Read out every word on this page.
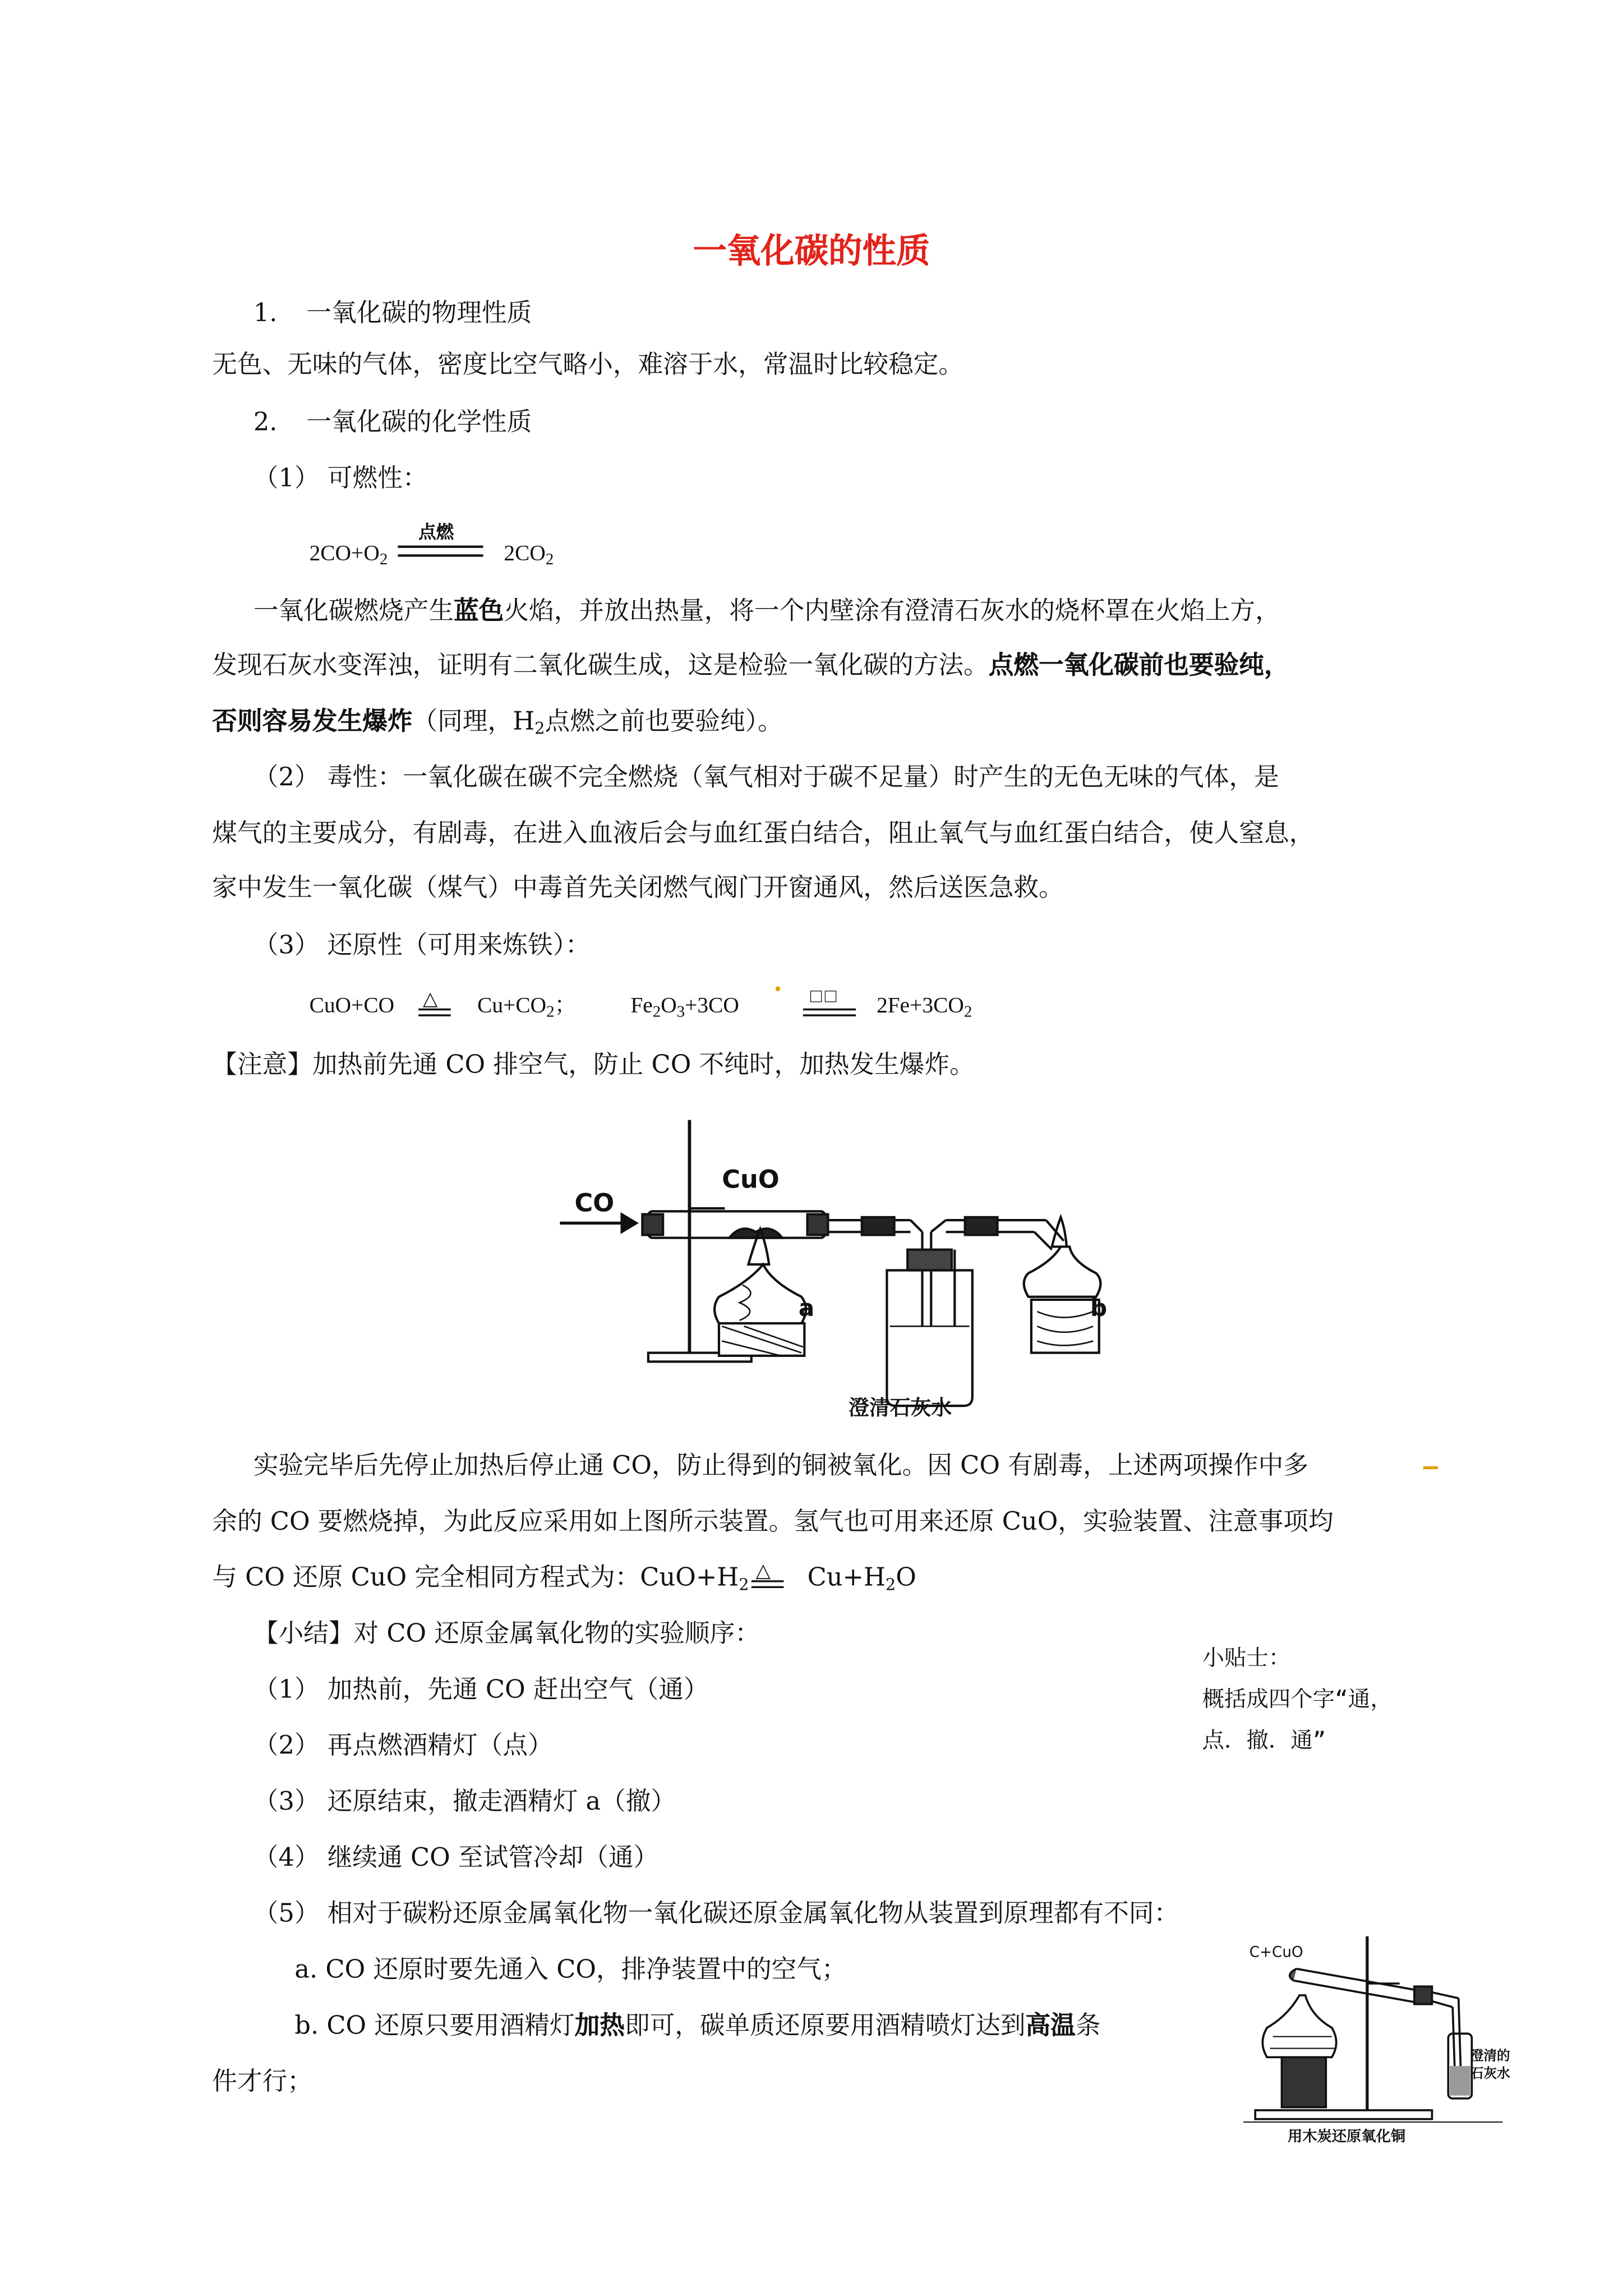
一氧化碳的性质
1.	一氧化碳的物理性质
无色、无味的气体，密度比空气略小，难溶于水，常温时比较稳定。
2.	一氧化碳的化学性质
（1） 可燃性：
$2CO+O_2$
点燃
$2CO_2$
一氧化碳燃烧产生蓝色火焰，并放出热量，将一个内壁涂有澄清石灰水的烧杯罩在火焰上方，
发现石灰水变浑浊，证明有二氧化碳生成，这是检验一氧化碳的方法。点燃一氧化碳前也要验纯，
否则容易发生爆炸（同理，$H_2$点燃之前也要验纯）。
（2） 毒性：一氧化碳在碳不完全燃烧（氧气相对于碳不足量）时产生的无色无味的气体，是
煤气的主要成分，有剧毒，在进入血液后会与血红蛋白结合，阻止氧气与血红蛋白结合，使人窒息，
家中发生一氧化碳（煤气）中毒首先关闭燃气阀门开窗通风，然后送医急救。
（3） 还原性（可用来炼铁）：
CuO+CO	△	$Cu+CO_2$；	$Fe_2O_3+3CO$	□□	$2Fe+3CO_2$
【注意】加热前先通 CO 排空气，防止 CO 不纯时，加热发生爆炸。
CO
CuO
a	b
澄清石灰水
实验完毕后先停止加热后停止通 CO，防止得到的铜被氧化。因 CO 有剧毒，上述两项操作中多
余的 CO 要燃烧掉，为此反应采用如上图所示装置。氢气也可用来还原 CuO，实验装置、注意事项均
与 CO 还原 CuO 完全相同方程式为：$CuO+H_2$
△	$Cu+H_2O$
【小结】对 CO 还原金属氧化物的实验顺序：
（1） 加热前，先通 CO 赶出空气（通）
（2） 再点燃酒精灯（点）
（3） 还原结束，撤走酒精灯 a（撤）
（4） 继续通 CO 至试管冷却（通）
（5） 相对于碳粉还原金属氧化物一氧化碳还原金属氧化物从装置到原理都有不同：
a. CO 还原时要先通入 CO，排净装置中的空气；
b. CO 还原只要用酒精灯加热即可，碳单质还原要用酒精喷灯达到高温条
件才行；
小贴士：
概括成四个字“通，
点．撤．通”
C+CuO
澄清的
石灰水
用木炭还原氧化铜
